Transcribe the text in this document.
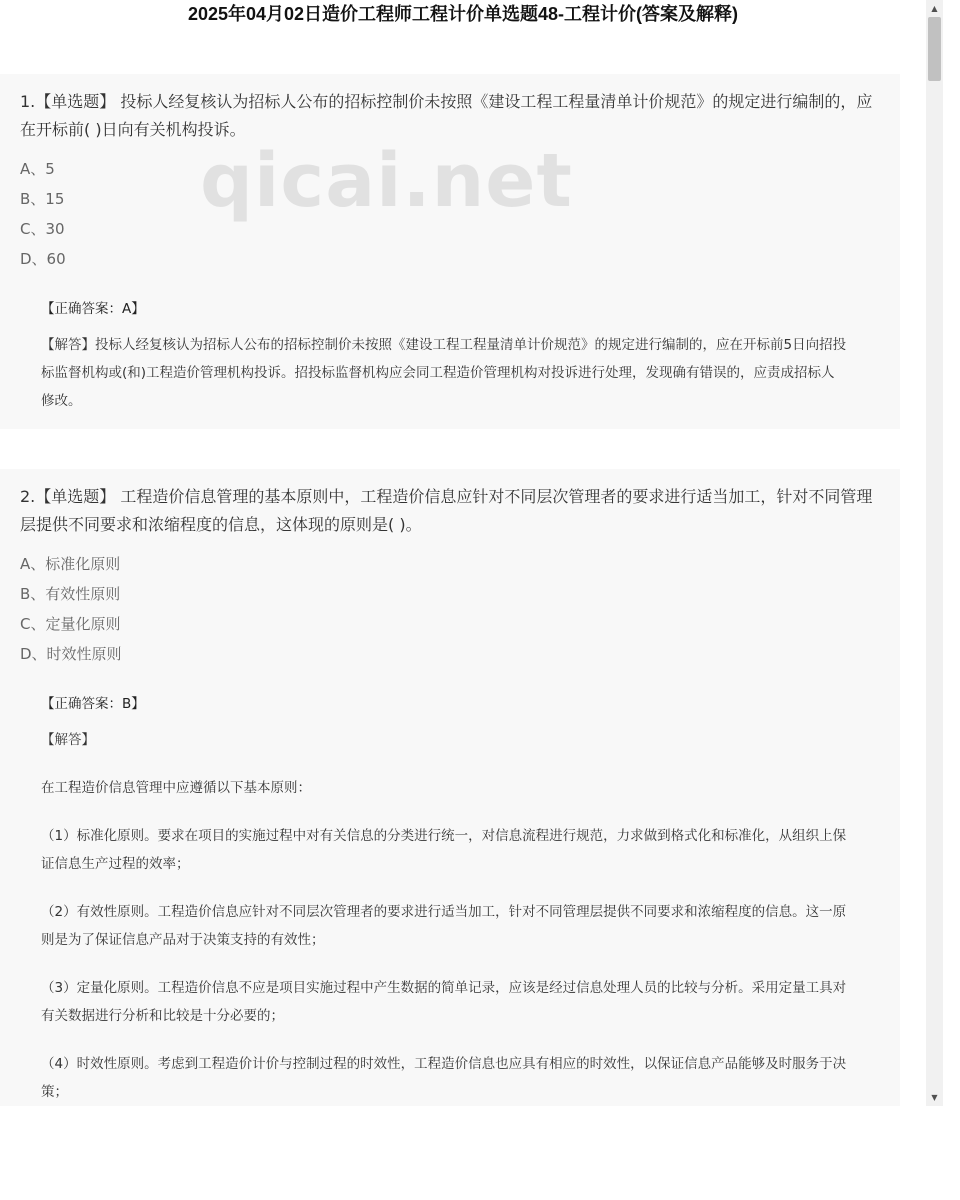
2025年04月02日造价工程师工程计价单选题48-工程计价(答案及解释)

1.【单选题】 投标人经复核认为招标人公布的招标控制价未按照《建设工程工程量清单计价规范》的规定进行编制的，应
在开标前( )日向有关机构投诉。

A、5
B、15
C、30
D、60
【正确答案：A】
【解答】投标人经复核认为招标人公布的招标控制价未按照《建设工程工程量清单计价规范》的规定进行编制的，应在开标前5日向招投
标监督机构或(和)工程造价管理机构投诉。招投标监督机构应会同工程造价管理机构对投诉进行处理，发现确有错误的，应责成招标人
修改。

2.【单选题】 工程造价信息管理的基本原则中，工程造价信息应针对不同层次管理者的要求进行适当加工，针对不同管理
层提供不同要求和浓缩程度的信息，这体现的原则是( )。

A、标准化原则
B、有效性原则
C、定量化原则
D、时效性原则
【正确答案：B】
【解答】
在工程造价信息管理中应遵循以下基本原则：
（1）标准化原则。要求在项目的实施过程中对有关信息的分类进行统一，对信息流程进行规范，力求做到格式化和标准化，从组织上保
证信息生产过程的效率；
（2）有效性原则。工程造价信息应针对不同层次管理者的要求进行适当加工，针对不同管理层提供不同要求和浓缩程度的信息。这一原
则是为了保证信息产品对于决策支持的有效性；
（3）定量化原则。工程造价信息不应是项目实施过程中产生数据的简单记录，应该是经过信息处理人员的比较与分析。采用定量工具对
有关数据进行分析和比较是十分必要的；
（4）时效性原则。考虑到工程造价计价与控制过程的时效性，工程造价信息也应具有相应的时效性，以保证信息产品能够及时服务于决
策；
▲
▼
